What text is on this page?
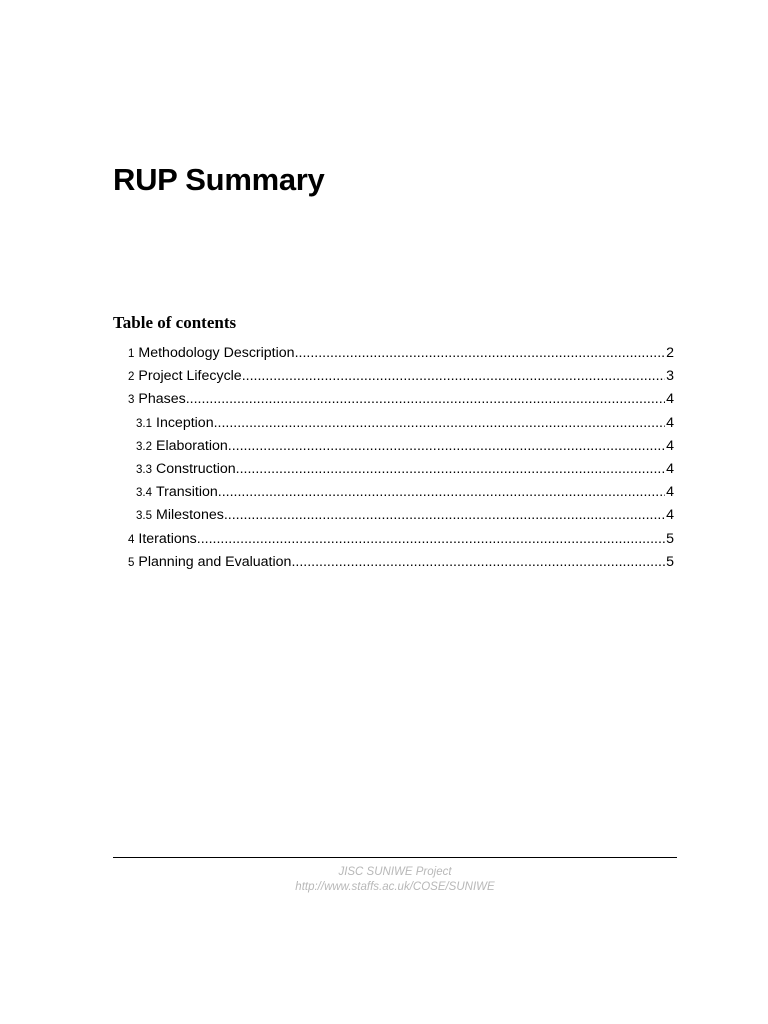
RUP Summary
Table of contents
1 Methodology Description .....	2
2 Project Lifecycle .....	3
3 Phases .....	4
3.1 Inception .....	4
3.2 Elaboration .....	4
3.3 Construction .....	4
3.4 Transition .....	4
3.5 Milestones .....	4
4 Iterations .....	5
5 Planning and Evaluation .....	5

JISC SUNIWE Project

http://www.staffs.ac.uk/COSE/SUNIWE
